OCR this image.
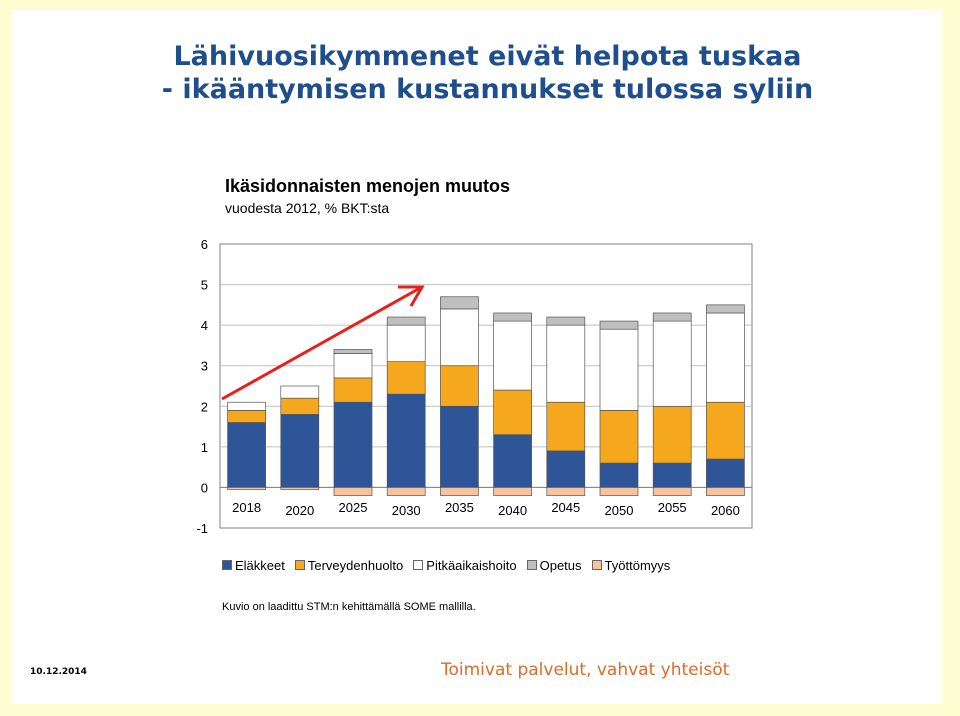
Lähivuosikymmenet eivät helpota tuskaa
- ikääntymisen kustannukset tulossa syliin
Ikäsidonnaisten menojen muutos
vuodesta 2012, % BKT:sta
-1
0
1
2
3
4
5
6
2018 2020 2025 2030 2035 2040 2045 2050 2055 2060
Eläkkeet Terveydenhuolto Pitkäaikaishoito Opetus Työttömyys
Kuvio on laadittu STM:n kehittämällä SOME mallilla.
10.12.2014	Toimivat palvelut, vahvat yhteisöt
